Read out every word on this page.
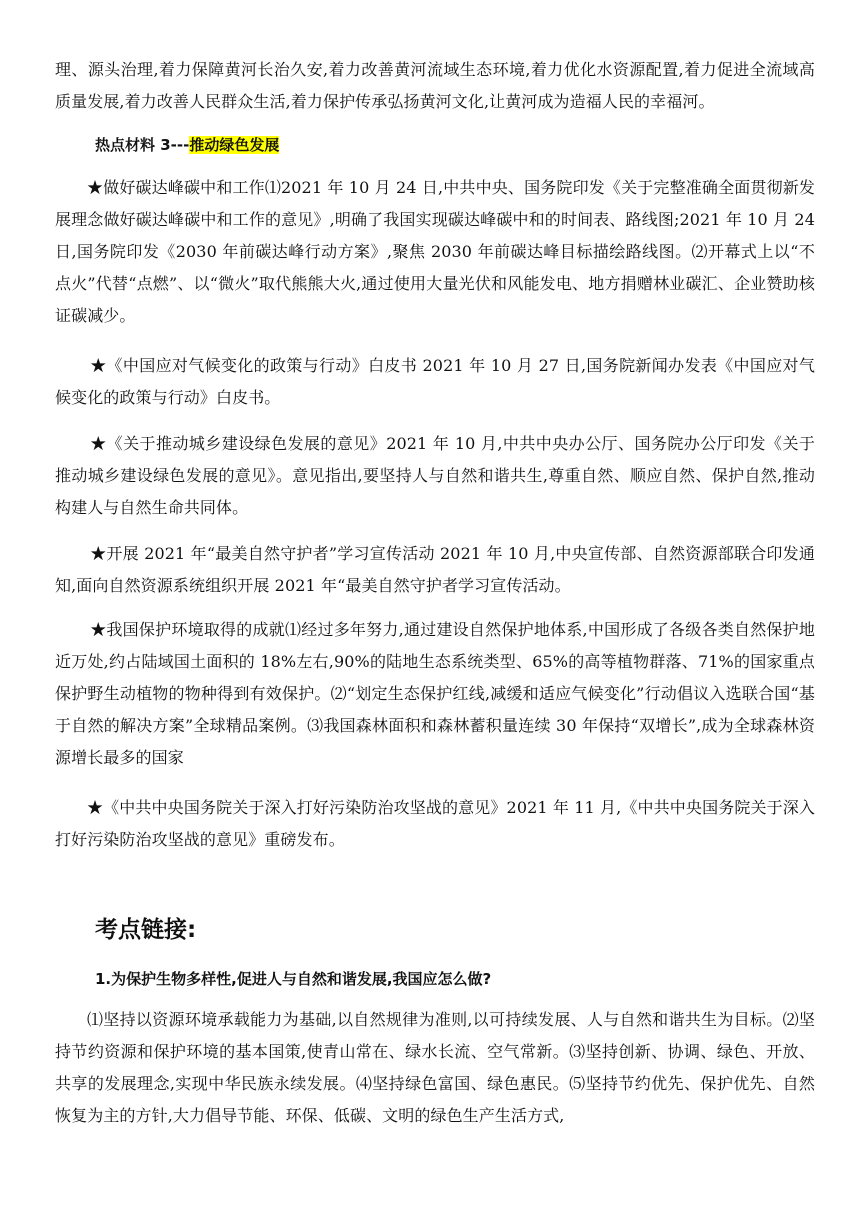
理、源头治理,着力保障黄河长治久安,着力改善黄河流域生态环境,着力优化水资源配置,着力促进全流域高质量发展,着力改善人民群众生活,着力保护传承弘扬黄河文化,让黄河成为造福人民的幸福河。

热点材料 3---推动绿色发展

★做好碳达峰碳中和工作⑴2021 年 10 月 24 日,中共中央、国务院印发《关于完整准确全面贯彻新发展理念做好碳达峰碳中和工作的意见》,明确了我国实现碳达峰碳中和的时间表、路线图;2021 年 10 月 24 日,国务院印发《2030 年前碳达峰行动方案》,聚焦 2030 年前碳达峰目标描绘路线图。⑵开幕式上以“不点火”代替“点燃”、以“微火”取代熊熊大火,通过使用大量光伏和风能发电、地方捐赠林业碳汇、企业赞助核证碳减少。

★《中国应对气候变化的政策与行动》白皮书 2021 年 10 月 27 日,国务院新闻办发表《中国应对气候变化的政策与行动》白皮书。

★《关于推动城乡建设绿色发展的意见》2021 年 10 月,中共中央办公厅、国务院办公厅印发《关于推动城乡建设绿色发展的意见》。意见指出,要坚持人与自然和谐共生,尊重自然、顺应自然、保护自然,推动构建人与自然生命共同体。

★开展 2021 年“最美自然守护者”学习宣传活动 2021 年 10 月,中央宣传部、自然资源部联合印发通知,面向自然资源系统组织开展 2021 年“最美自然守护者学习宣传活动。

★我国保护环境取得的成就⑴经过多年努力,通过建设自然保护地体系,中国形成了各级各类自然保护地近万处,约占陆域国土面积的 18%左右,90%的陆地生态系统类型、65%的高等植物群落、71%的国家重点保护野生动植物的物种得到有效保护。⑵“划定生态保护红线,减缓和适应气候变化”行动倡议入选联合国“基于自然的解决方案”全球精品案例。⑶我国森林面积和森林蓄积量连续 30 年保持“双增长”,成为全球森林资源增长最多的国家

★《中共中央国务院关于深入打好污染防治攻坚战的意见》2021 年 11 月,《中共中央国务院关于深入打好污染防治攻坚战的意见》重磅发布。

考点链接:

1.为保护生物多样性,促进人与自然和谐发展,我国应怎么做?

⑴坚持以资源环境承载能力为基础,以自然规律为准则,以可持续发展、人与自然和谐共生为目标。⑵坚持节约资源和保护环境的基本国策,使青山常在、绿水长流、空气常新。⑶坚持创新、协调、绿色、开放、共享的发展理念,实现中华民族永续发展。⑷坚持绿色富国、绿色惠民。⑸坚持节约优先、保护优先、自然恢复为主的方针,大力倡导节能、环保、低碳、文明的绿色生产生活方式,
